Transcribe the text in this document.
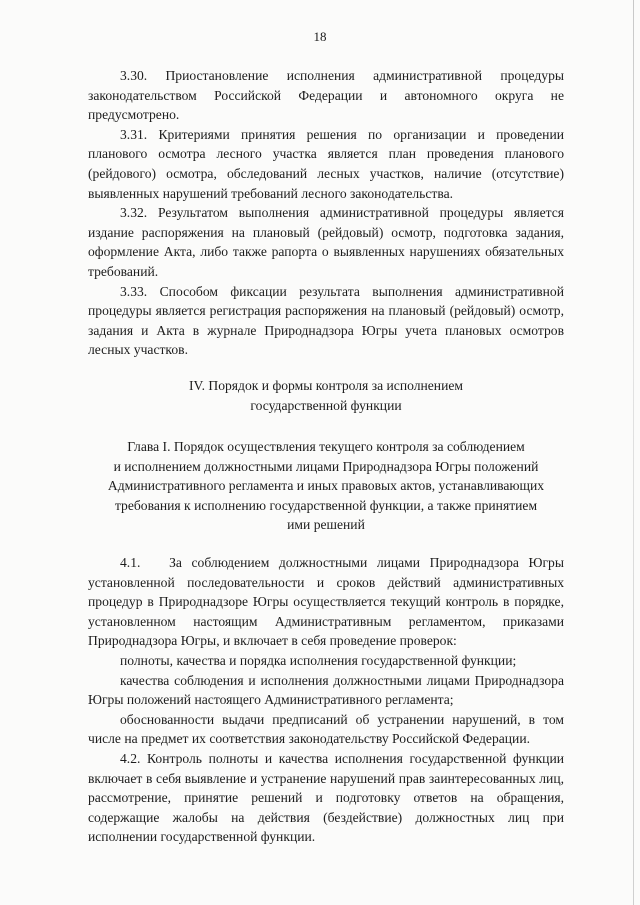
18

3.30. Приостановление исполнения административной процедуры законодательством Российской Федерации и автономного округа не предусмотрено.

3.31. Критериями принятия решения по организации и проведении планового осмотра лесного участка является план проведения планового (рейдового) осмотра, обследований лесных участков, наличие (отсутствие) выявленных нарушений требований лесного законодательства.

3.32. Результатом выполнения административной процедуры является издание распоряжения на плановый (рейдовый) осмотр, подготовка задания, оформление Акта, либо также рапорта о выявленных нарушениях обязательных требований.

3.33. Способом фиксации результата выполнения административной процедуры является регистрация распоряжения на плановый (рейдовый) осмотр, задания и Акта в журнале Природнадзора Югры учета плановых осмотров лесных участков.

IV. Порядок и формы контроля за исполнением
государственной функции
Глава I. Порядок осуществления текущего контроля за соблюдением
и исполнением должностными лицами Природнадзора Югры положений
Административного регламента и иных правовых актов, устанавливающих
требования к исполнению государственной функции, а также принятием
ими решений

4.1.   За соблюдением должностными лицами Природнадзора Югры установленной последовательности и сроков действий административных процедур в Природнадзоре Югры осуществляется текущий контроль в порядке, установленном настоящим Административным регламентом, приказами Природнадзора Югры, и включает в себя проведение проверок:

полноты, качества и порядка исполнения государственной функции;

качества соблюдения и исполнения должностными лицами Природнадзора Югры положений настоящего Административного регламента;

обоснованности выдачи предписаний об устранении нарушений, в том числе на предмет их соответствия законодательству Российской Федерации.

4.2. Контроль полноты и качества исполнения государственной функции включает в себя выявление и устранение нарушений прав заинтересованных лиц, рассмотрение, принятие решений и подготовку ответов на обращения, содержащие жалобы на действия (бездействие) должностных лиц при исполнении государственной функции.
